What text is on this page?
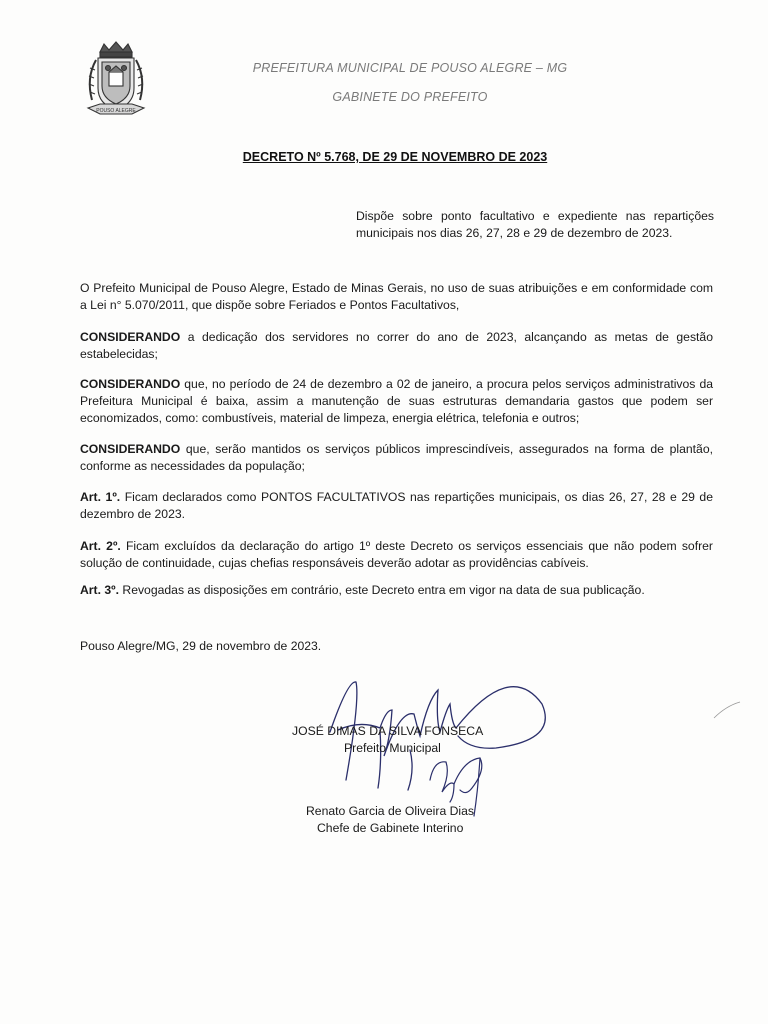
POUSO ALEGRE
PREFEITURA MUNICIPAL DE POUSO ALEGRE – MG
GABINETE DO PREFEITO
DECRETO Nº 5.768, DE 29 DE NOVEMBRO DE 2023
Dispõe sobre ponto facultativo e expediente nas repartições municipais nos dias 26, 27, 28 e 29 de dezembro de 2023.

O Prefeito Municipal de Pouso Alegre, Estado de Minas Gerais, no uso de suas atribuições e em conformidade com a Lei n° 5.070/2011, que dispõe sobre Feriados e Pontos Facultativos,

CONSIDERANDO a dedicação dos servidores no correr do ano de 2023, alcançando as metas de gestão estabelecidas;

CONSIDERANDO que, no período de 24 de dezembro a 02 de janeiro, a procura pelos serviços administrativos da Prefeitura Municipal é baixa, assim a manutenção de suas estruturas demandaria gastos que podem ser economizados, como: combustíveis, material de limpeza, energia elétrica, telefonia e outros;

CONSIDERANDO que, serão mantidos os serviços públicos imprescindíveis, assegurados na forma de plantão, conforme as necessidades da população;

Art. 1º. Ficam declarados como PONTOS FACULTATIVOS nas repartições municipais, os dias 26, 27, 28 e 29 de dezembro de 2023.

Art. 2º. Ficam excluídos da declaração do artigo 1º deste Decreto os serviços essenciais que não podem sofrer solução de continuidade, cujas chefias responsáveis deverão adotar as providências cabíveis.

Art. 3º. Revogadas as disposições em contrário, este Decreto entra em vigor na data de sua publicação.

Pouso Alegre/MG, 29 de novembro de 2023.

JOSÉ DIMAS DA SILVA FONSECA
Prefeito Municipal
Renato Garcia de Oliveira Dias
Chefe de Gabinete Interino
